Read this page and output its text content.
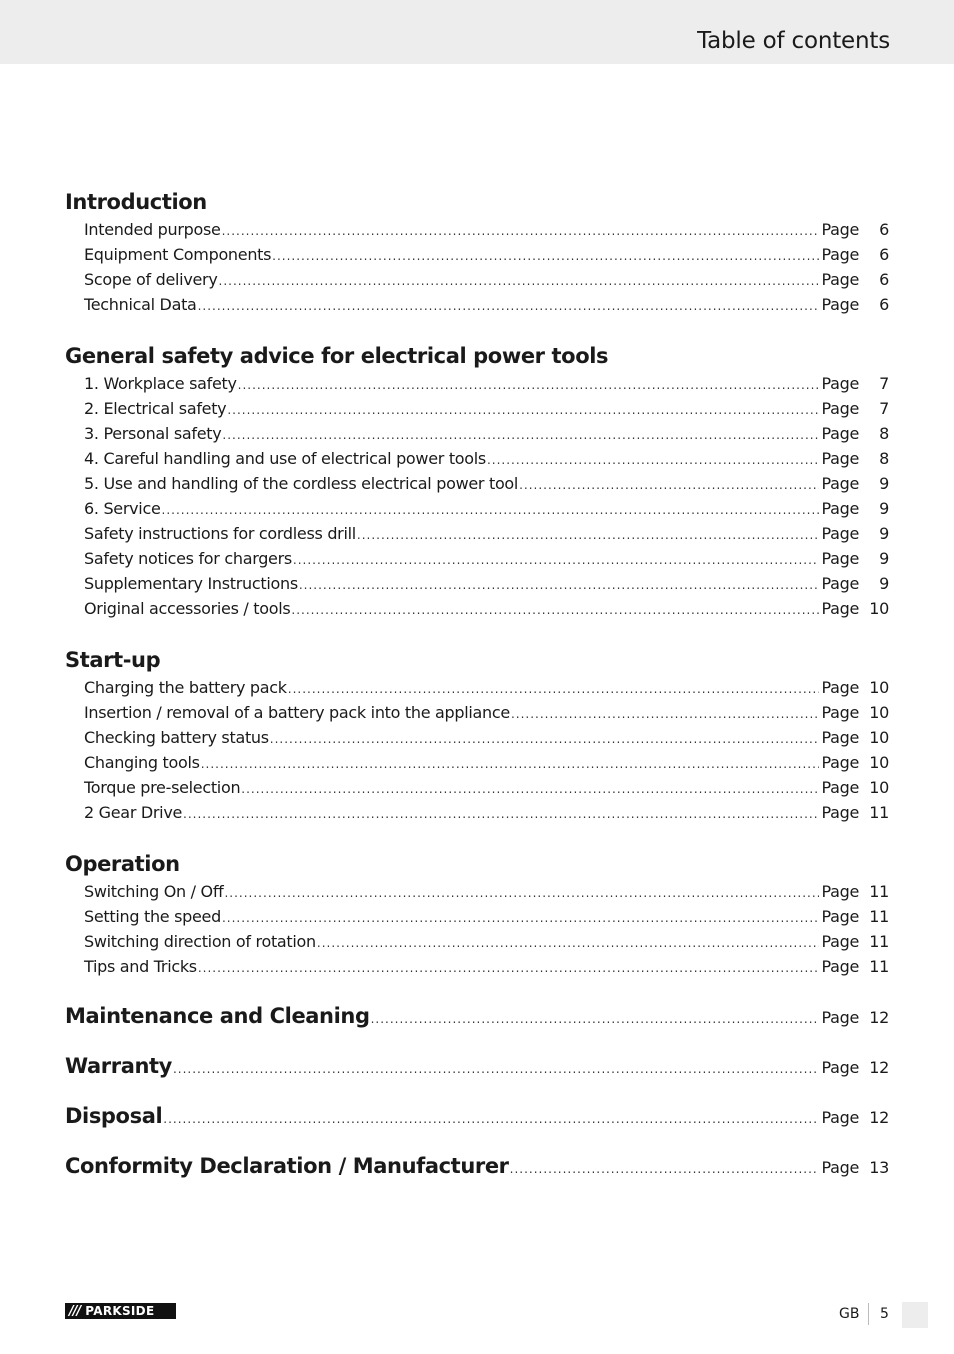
Table of contents
Introduction
Intended purpose .....	Page	6
Equipment Components .....	Page	6
Scope of delivery .....	Page	6
Technical Data .....	Page	6
General safety advice for electrical power tools
1. Workplace safety .....	Page	7
2. Electrical safety .....	Page	7
3. Personal safety .....	Page	8
4. Careful handling and use of electrical power tools .....	Page	8
5. Use and handling of the cordless electrical power tool .....	Page	9
6. Service .....	Page	9
Safety instructions for cordless drill .....	Page	9
Safety notices for chargers .....	Page	9
Supplementary Instructions .....	Page	9
Original accessories / tools .....	Page 10
Start-up
Charging the battery pack .....	Page 10
Insertion / removal of a battery pack into the appliance .....	Page 10
Checking battery status .....	Page 10
Changing tools .....	Page 10
Torque pre-selection .....	Page 10
2 Gear Drive .....	Page 11
Operation
Switching On / Off .....	Page 11
Setting the speed .....	Page 11
Switching direction of rotation .....	Page 11
Tips and Tricks .....	Page 11
Maintenance and Cleaning .....	Page 12
Warranty .....	Page 12
Disposal .....	Page 12
Conformity Declaration / Manufacturer .....	Page 13
/// PARKSIDE	GB 5
